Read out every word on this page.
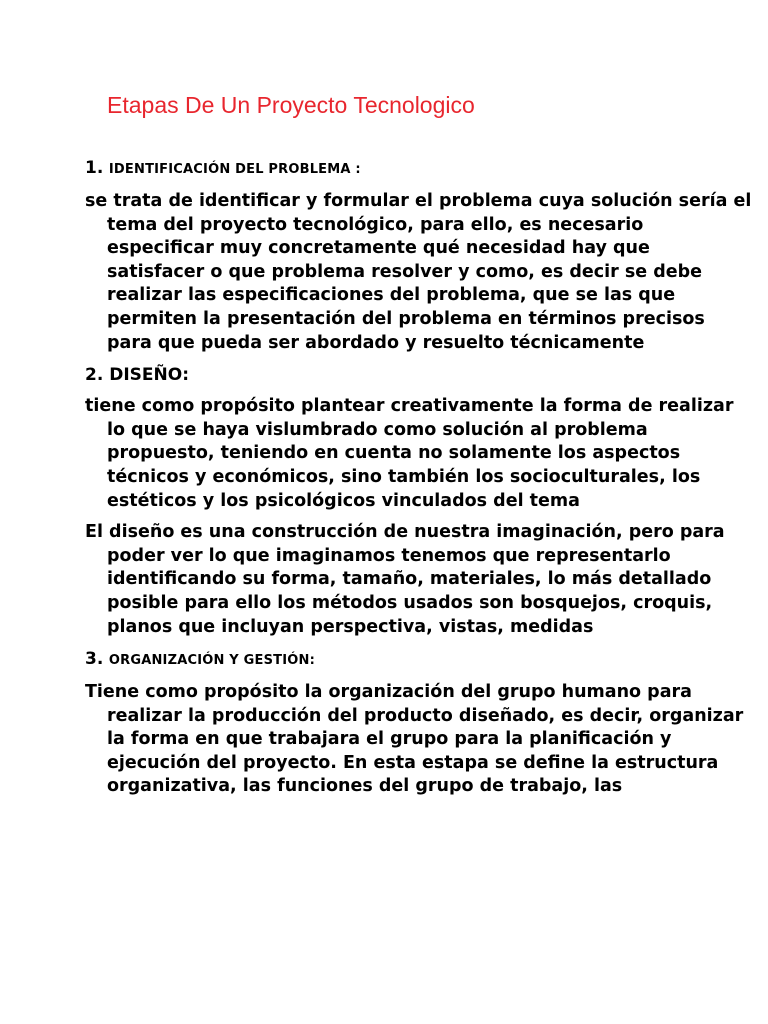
Etapas De Un Proyecto Tecnologico
1. IDENTIFICACIÓN DEL PROBLEMA :

se trata de identificar y formular el problema cuya solución sería el tema del proyecto tecnológico, para ello, es necesario especificar muy concretamente qué necesidad hay que satisfacer o que problema resolver y como, es decir se debe realizar las especificaciones del problema, que se las que permiten la presentación del problema en términos precisos para que pueda ser abordado y resuelto técnicamente

2. DISEÑO:

tiene como propósito plantear creativamente la forma de realizar lo que se haya vislumbrado como solución al problema propuesto, teniendo en cuenta no solamente los aspectos técnicos y económicos, sino también los socioculturales, los estéticos y los psicológicos vinculados del tema

El diseño es una construcción de nuestra imaginación, pero para poder ver lo que imaginamos tenemos que representarlo identificando su forma, tamaño, materiales, lo más detallado posible para ello los métodos usados son bosquejos, croquis, planos que incluyan perspectiva, vistas, medidas

3. ORGANIZACIÓN Y GESTIÓN:

Tiene como propósito la organización del grupo humano para realizar la producción del producto diseñado, es decir, organizar la forma en que trabajara el grupo para la planificación y ejecución del proyecto. En esta estapa se define la estructura organizativa, las funciones del grupo de trabajo, las
